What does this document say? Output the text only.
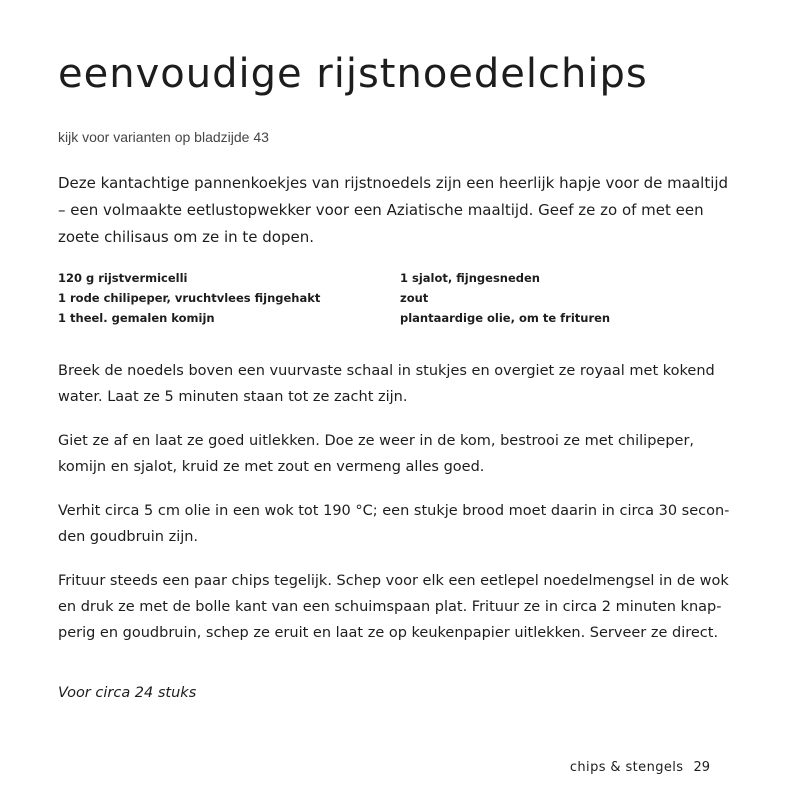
eenvoudige rijstnoedelchips

kijk voor varianten op bladzijde 43

Deze kantachtige pannenkoekjes van rijstnoedels zijn een heerlijk hapje voor de maaltijd
– een volmaakte eetlustopwekker voor een Aziatische maaltijd. Geef ze zo of met een
zoete chilisaus om ze in te dopen.

120 g rijstvermicelli
1 rode chilipeper, vruchtvlees fijngehakt
1 theel. gemalen komijn
1 sjalot, fijngesneden
zout
plantaardige olie, om te frituren

Breek de noedels boven een vuurvaste schaal in stukjes en overgiet ze royaal met kokend
water. Laat ze 5 minuten staan tot ze zacht zijn.

Giet ze af en laat ze goed uitlekken. Doe ze weer in de kom, bestrooi ze met chilipeper,
komijn en sjalot, kruid ze met zout en vermeng alles goed.

Verhit circa 5 cm olie in een wok tot 190 °C; een stukje brood moet daarin in circa 30 secon-
den goudbruin zijn.

Frituur steeds een paar chips tegelijk. Schep voor elk een eetlepel noedelmengsel in de wok
en druk ze met de bolle kant van een schuimspaan plat. Frituur ze in circa 2 minuten knap-
perig en goudbruin, schep ze eruit en laat ze op keukenpapier uitlekken. Serveer ze direct.

Voor circa 24 stuks

chips & stengels 29
